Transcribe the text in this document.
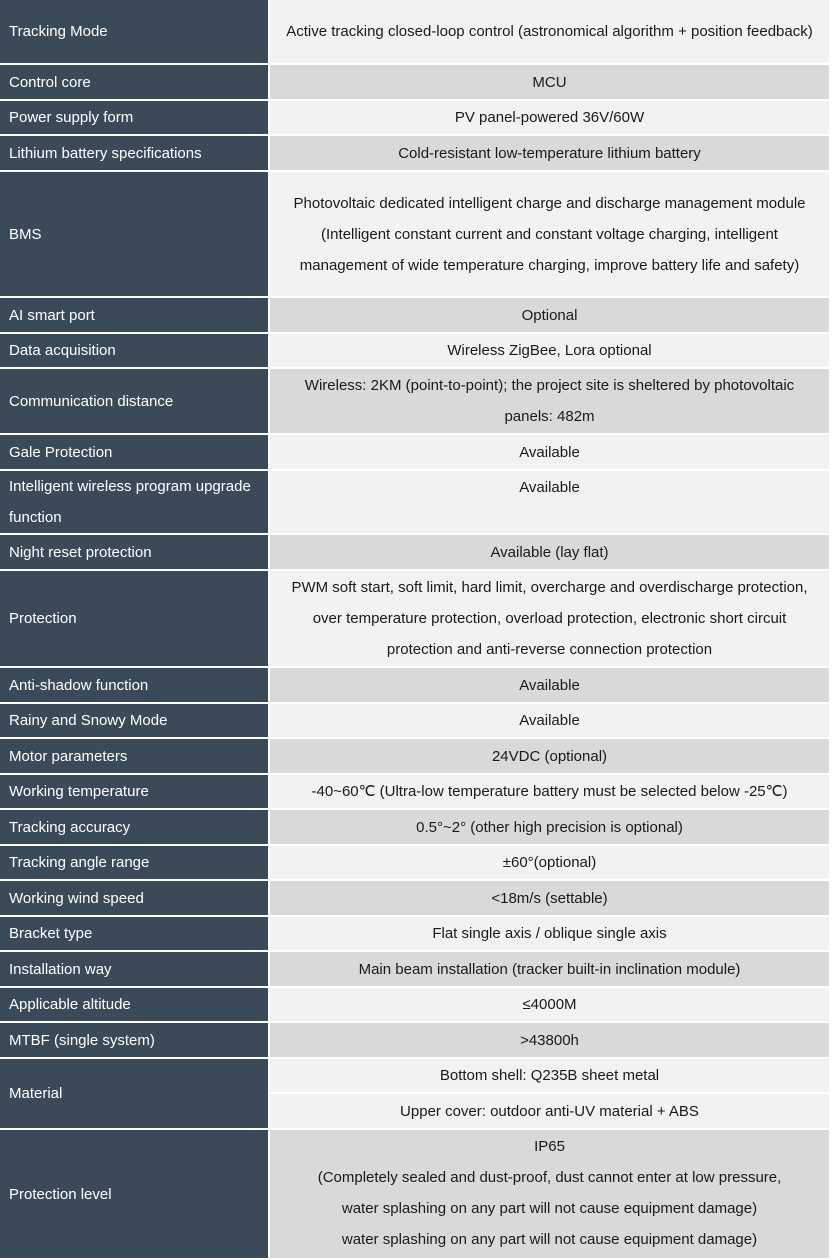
Tracking Mode	Active tracking closed-loop control (astronomical algorithm + position feedback)
Control core	MCU
Power supply form	PV panel-powered 36V/60W
Lithium battery specifications	Cold-resistant low-temperature lithium battery
BMS	Photovoltaic dedicated intelligent charge and discharge management module (Intelligent constant current and constant voltage charging, intelligent management of wide temperature charging, improve battery life and safety)
AI smart port	Optional
Data acquisition	Wireless ZigBee, Lora optional
Communication distance	Wireless: 2KM (point-to-point); the project site is sheltered by photovoltaic panels: 482m
Gale Protection	Available
Intelligent wireless program upgrade function	Available
Night reset protection	Available (lay flat)
Protection	PWM soft start, soft limit, hard limit, overcharge and overdischarge protection, over temperature protection, overload protection, electronic short circuit protection and anti-reverse connection protection
Anti-shadow function	Available
Rainy and Snowy Mode	Available
Motor parameters	24VDC (optional)
Working temperature	-40~60℃ (Ultra-low temperature battery must be selected below -25℃)
Tracking accuracy	0.5°~2° (other high precision is optional)
Tracking angle range	±60°(optional)
Working wind speed	<18m/s (settable)
Bracket type	Flat single axis / oblique single axis
Installation way	Main beam installation (tracker built-in inclination module)
Applicable altitude	≤4000M
MTBF (single system)	>43800h
Material	Bottom shell: Q235B sheet metal
	Upper cover: outdoor anti-UV material + ABS
Protection level	IP65
(Completely sealed and dust-proof, dust cannot enter at low pressure,
water splashing on any part will not cause equipment damage)
water splashing on any part will not cause equipment damage)
